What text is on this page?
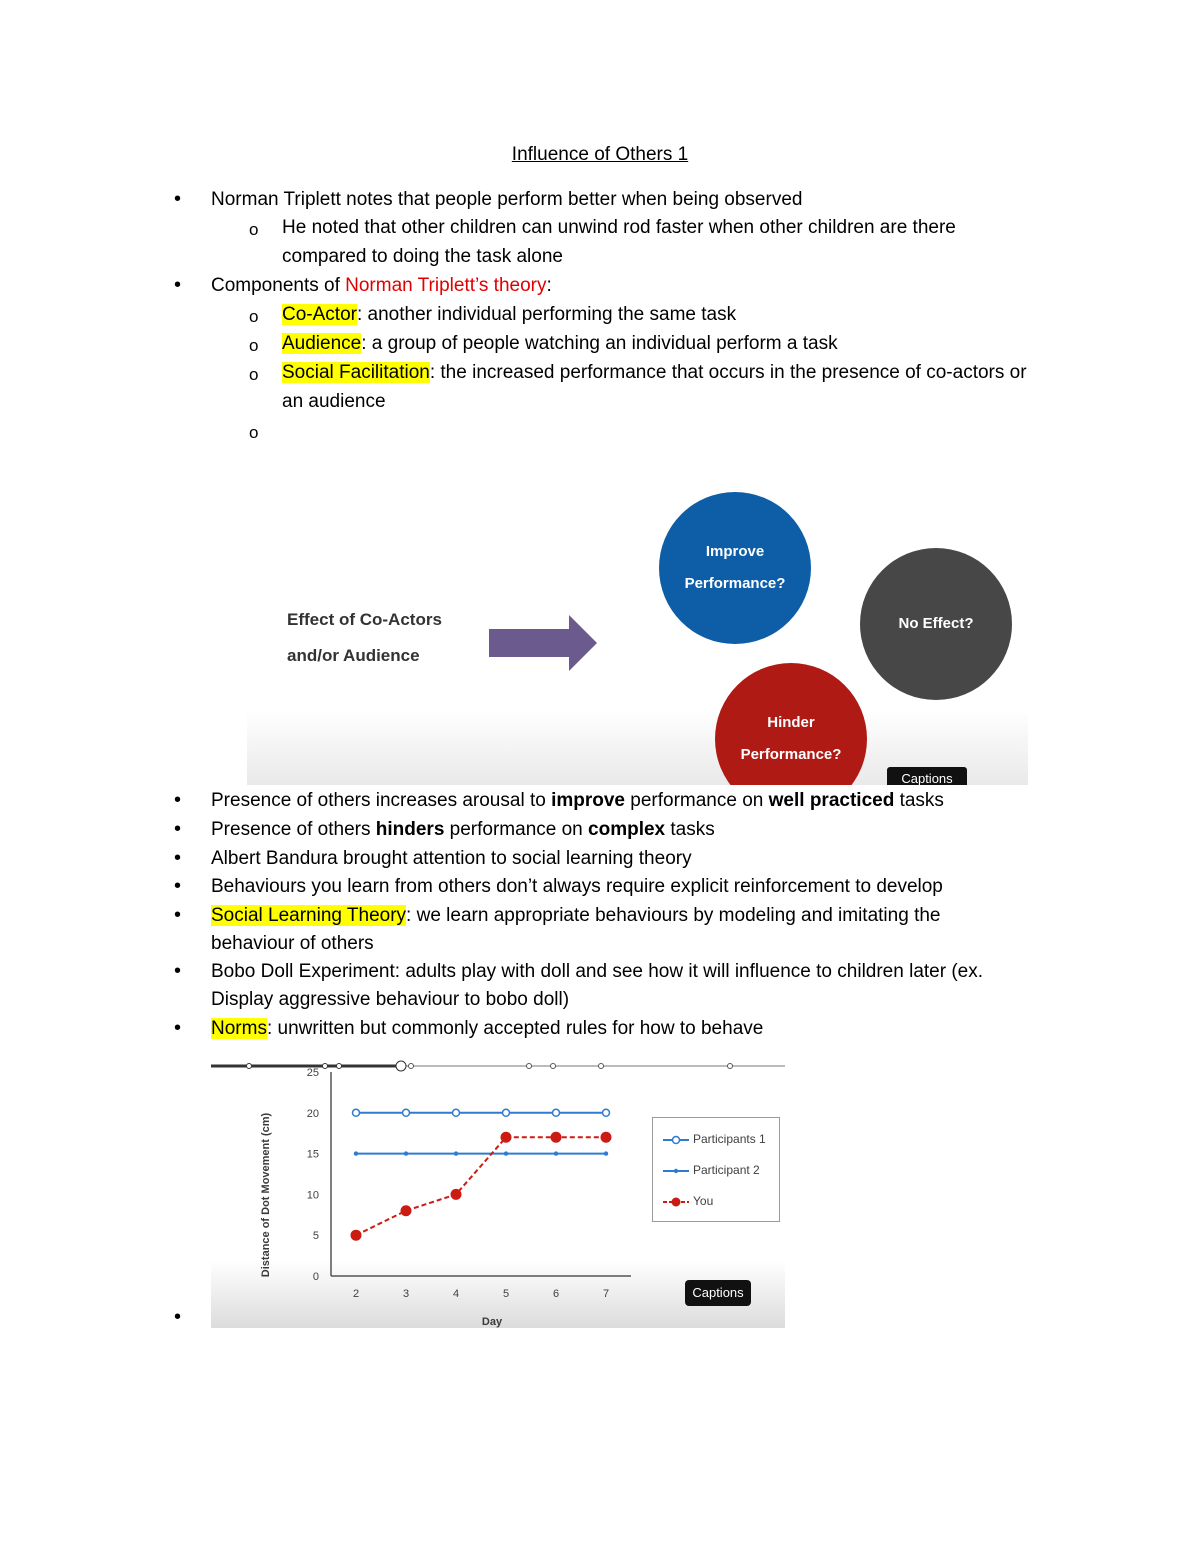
Influence of Others 1
• Norman Triplett notes that people perform better when being observed
o He noted that other children can unwind rod faster when other children are there
compared to doing the task alone
• Components of Norman Triplett’s theory:
o Co-Actor: another individual performing the same task
o Audience: a group of people watching an individual perform a task
o Social Facilitation: the increased performance that occurs in the presence of co-actors or
an audience
o
Effect of Co-Actors
and/or Audience
Improve
Performance?
No Effect?
Hinder
Performance?
Captions
• Presence of others increases arousal to improve performance on well practiced tasks
• Presence of others hinders performance on complex tasks
• Albert Bandura brought attention to social learning theory
• Behaviours you learn from others don’t always require explicit reinforcement to develop
• Social Learning Theory: we learn appropriate behaviours by modeling and imitating the
behaviour of others
• Bobo Doll Experiment: adults play with doll and see how it will influence to children later (ex.
Display aggressive behaviour to bobo doll)
• Norms: unwritten but commonly accepted rules for how to behave
0
5
10
15
20
25
2	3	4	5	6	7
Distance of Dot Movement (cm)
Day
Participants 1
Participant 2
You
Captions
•
